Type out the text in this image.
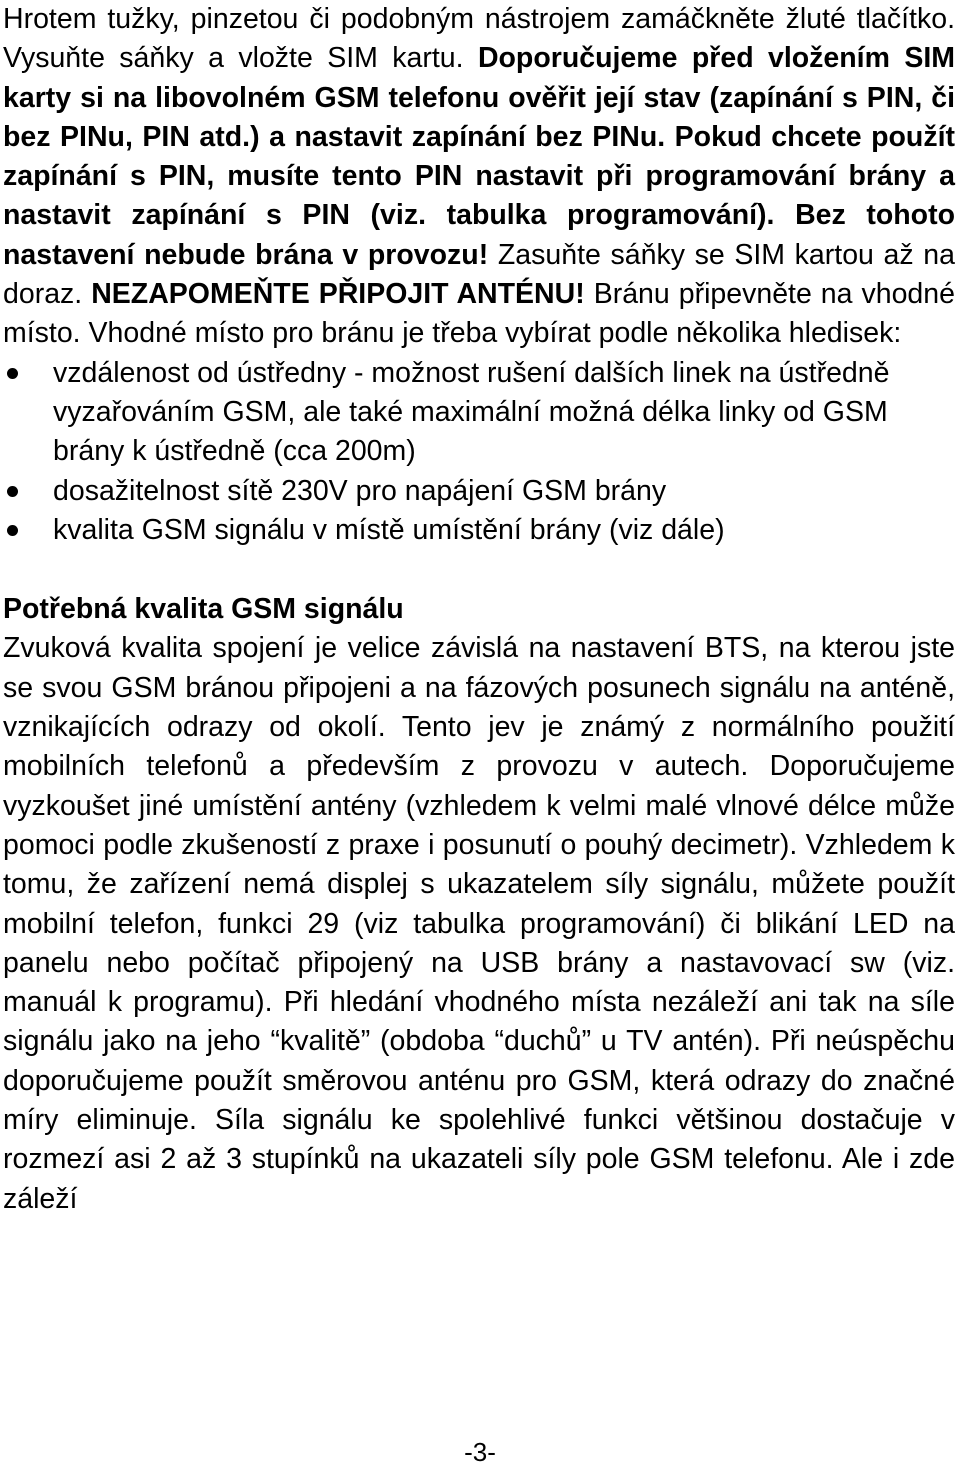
Hrotem tužky, pinzetou či podobným nástrojem zamáčkněte žluté tlačítko. Vysuňte sáňky a vložte SIM kartu. Doporučujeme před vložením SIM karty si na libovolném GSM telefonu ověřit její stav (zapínání s PIN, či bez PINu, PIN atd.) a nastavit zapínání bez PINu. Pokud chcete použít zapínání s PIN, musíte tento PIN nastavit při programování brány a nastavit zapínání s PIN (viz. tabulka programování). Bez tohoto nastavení nebude brána v provozu! Zasuňte sáňky se SIM kartou až na doraz. NEZAPOMEŇTE PŘIPOJIT ANTÉNU! Bránu připevněte na vhodné místo. Vhodné místo pro bránu je třeba vybírat podle několika hledisek:

vzdálenost od ústředny - možnost rušení dalších linek na ústředně vyzařováním GSM, ale také maximální možná délka linky od GSM brány k ústředně (cca 200m)
dosažitelnost sítě 230V pro napájení GSM brány
kvalita GSM signálu v místě umístění brány (viz dále)
Potřebná kvalita GSM signálu

Zvuková kvalita spojení je velice závislá na nastavení BTS, na kterou jste se svou GSM bránou připojeni a na fázových posunech signálu na anténě, vznikajících odrazy od okolí. Tento jev je známý z normálního použití mobilních telefonů a především z provozu v autech. Doporučujeme vyzkoušet jiné umístění antény (vzhledem k velmi malé vlnové délce může pomoci podle zkušeností z praxe i posunutí o pouhý decimetr). Vzhledem k tomu, že zařízení nemá displej s ukazatelem síly signálu, můžete použít mobilní telefon, funkci 29 (viz tabulka programování) či blikání LED na panelu nebo počítač připojený na USB brány a nastavovací sw (viz. manuál k programu). Při hledání vhodného místa nezáleží ani tak na síle signálu jako na jeho “kvalitě” (obdoba “duchů” u TV antén). Při neúspěchu doporučujeme použít směrovou anténu pro GSM, která odrazy do značné míry eliminuje. Síla signálu ke spolehlivé funkci většinou dostačuje v rozmezí asi 2 až 3 stupínků na ukazateli síly pole GSM telefonu. Ale i zde záleží

-3-
